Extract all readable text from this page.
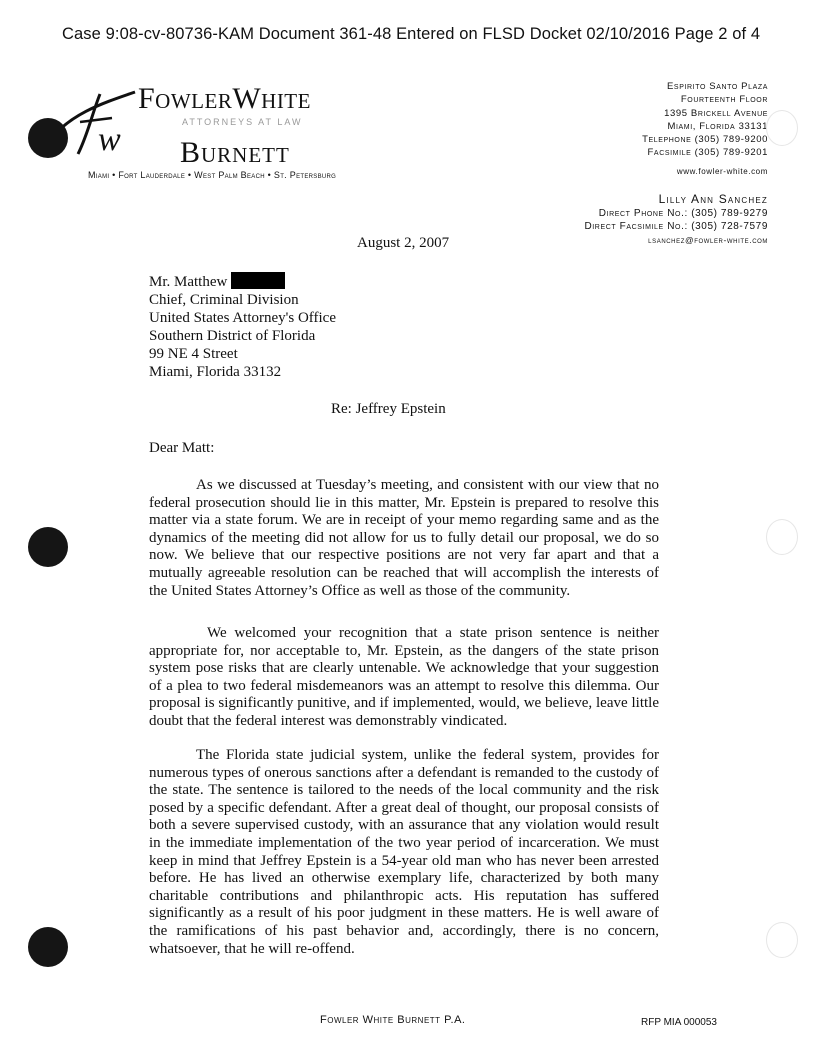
Case 9:08-cv-80736-KAM Document 361-48 Entered on FLSD Docket 02/10/2016 Page 2 of 4
w
FowlerWhite
ATTORNEYS AT LAW
Burnett
Miami • Fort Lauderdale • West Palm Beach • St. Petersburg
Espirito Santo Plaza
Fourteenth Floor
1395 Brickell Avenue
Miami, Florida 33131
Telephone (305) 789-9200
Facsimile (305) 789-9201
www.fowler-white.com
Lilly Ann Sanchez
Direct Phone No.: (305) 789-9279
Direct Facsimile No.: (305) 728-7579
lsanchez@fowler-white.com
August 2, 2007
Mr. Matthew
Chief, Criminal Division
United States Attorney's Office
Southern District of Florida
99 NE 4 Street
Miami, Florida 33132
Re: Jeffrey Epstein
Dear Matt:
As we discussed at Tuesday’s meeting, and consistent with our view that no federal prosecution should lie in this matter, Mr. Epstein is prepared to resolve this matter via a state forum. We are in receipt of your memo regarding same and as the dynamics of the meeting did not allow for us to fully detail our proposal, we do so now. We believe that our respective positions are not very far apart and that a mutually agreeable resolution can be reached that will accomplish the interests of the United States Attorney’s Office as well as those of the community.
We welcomed your recognition that a state prison sentence is neither appropriate for, nor acceptable to, Mr. Epstein, as the dangers of the state prison system pose risks that are clearly untenable. We acknowledge that your suggestion of a plea to two federal misdemeanors was an attempt to resolve this dilemma. Our proposal is significantly punitive, and if implemented, would, we believe, leave little doubt that the federal interest was demonstrably vindicated.
The Florida state judicial system, unlike the federal system, provides for numerous types of onerous sanctions after a defendant is remanded to the custody of the state. The sentence is tailored to the needs of the local community and the risk posed by a specific defendant. After a great deal of thought, our proposal consists of both a severe supervised custody, with an assurance that any violation would result in the immediate implementation of the two year period of incarceration. We must keep in mind that Jeffrey Epstein is a 54-year old man who has never been arrested before. He has lived an otherwise exemplary life, characterized by both many charitable contributions and philanthropic acts. His reputation has suffered significantly as a result of his poor judgment in these matters. He is well aware of the ramifications of his past behavior and, accordingly, there is no concern, whatsoever, that he will re-offend.
Fowler White Burnett P.A.	RFP MIA 000053
